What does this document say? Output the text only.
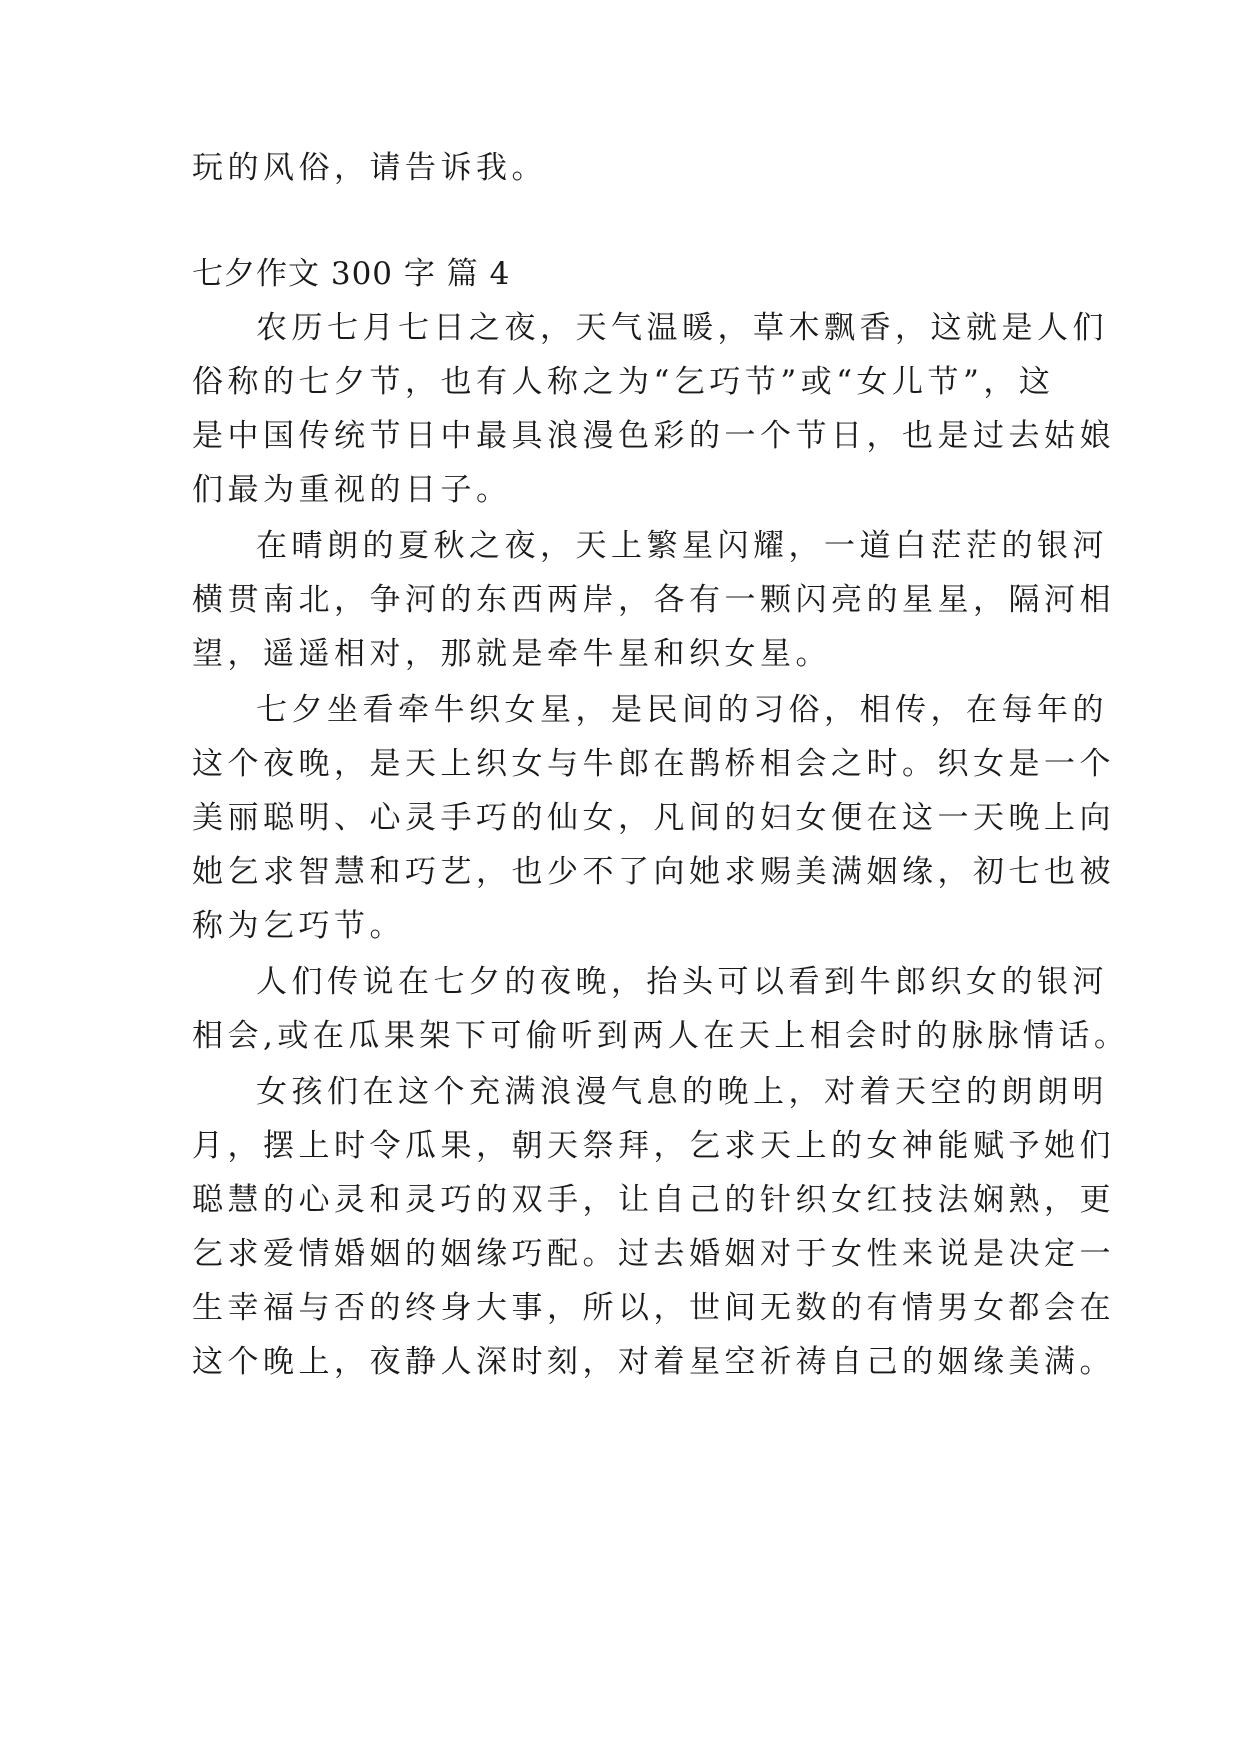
玩的风俗，请告诉我。
七夕作文 300 字 篇 4
农历七月七日之夜，天气温暖，草木飘香，这就是人们
俗称的七夕节，也有人称之为“乞巧节”或“女儿节”，这
是中国传统节日中最具浪漫色彩的一个节日，也是过去姑娘
们最为重视的日子。
在晴朗的夏秋之夜，天上繁星闪耀，一道白茫茫的银河
横贯南北，争河的东西两岸，各有一颗闪亮的星星，隔河相
望，遥遥相对，那就是牵牛星和织女星。
七夕坐看牵牛织女星，是民间的习俗，相传，在每年的
这个夜晚，是天上织女与牛郎在鹊桥相会之时。织女是一个
美丽聪明、心灵手巧的仙女，凡间的妇女便在这一天晚上向
她乞求智慧和巧艺，也少不了向她求赐美满姻缘，初七也被
称为乞巧节。
人们传说在七夕的夜晚，抬头可以看到牛郎织女的银河
相会,或在瓜果架下可偷听到两人在天上相会时的脉脉情话。
女孩们在这个充满浪漫气息的晚上，对着天空的朗朗明
月，摆上时令瓜果，朝天祭拜，乞求天上的女神能赋予她们
聪慧的心灵和灵巧的双手，让自己的针织女红技法娴熟，更
乞求爱情婚姻的姻缘巧配。过去婚姻对于女性来说是决定一
生幸福与否的终身大事，所以，世间无数的有情男女都会在
这个晚上，夜静人深时刻，对着星空祈祷自己的姻缘美满。
